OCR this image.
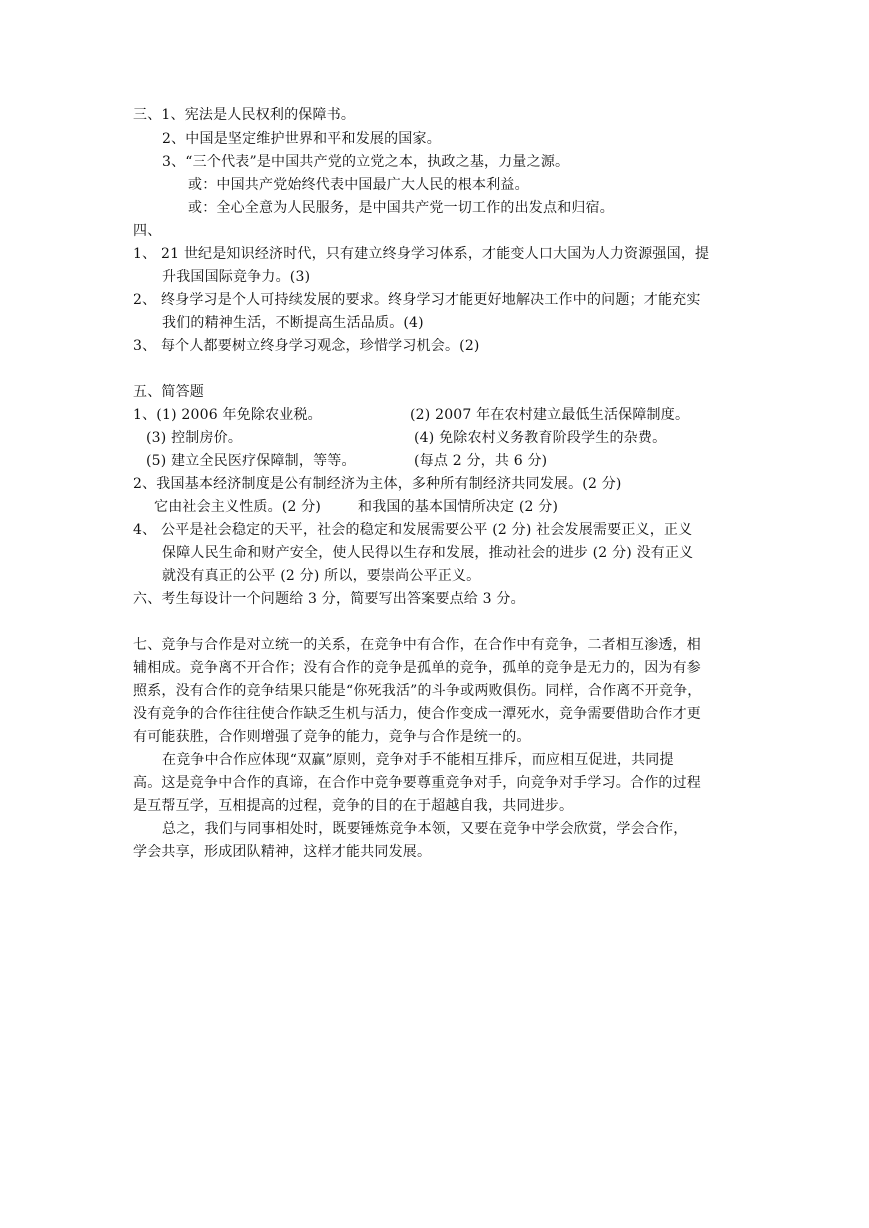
三、1、宪法是人民权利的保障书。
2、中国是坚定维护世界和平和发展的国家。
3、“三个代表”是中国共产党的立党之本，执政之基，力量之源。
或：中国共产党始终代表中国最广大人民的根本利益。
或：全心全意为人民服务，是中国共产党一切工作的出发点和归宿。
四、
1、 21 世纪是知识经济时代，只有建立终身学习体系，才能变人口大国为人力资源强国，提
升我国国际竞争力。(3)
2、 终身学习是个人可持续发展的要求。终身学习才能更好地解决工作中的问题；才能充实
我们的精神生活，不断提高生活品质。(4)
3、 每个人都要树立终身学习观念，珍惜学习机会。(2)
五、简答题
1、(1) 2006 年免除农业税。	(2) 2007 年在农村建立最低生活保障制度。
(3) 控制房价。	(4) 免除农村义务教育阶段学生的杂费。
(5) 建立全民医疗保障制，等等。	(每点 2 分，共 6 分)
2、我国基本经济制度是公有制经济为主体，多种所有制经济共同发展。(2 分)
它由社会主义性质。(2 分)	和我国的基本国情所决定 (2 分)
4、 公平是社会稳定的天平，社会的稳定和发展需要公平 (2 分) 社会发展需要正义，正义
保障人民生命和财产安全，使人民得以生存和发展，推动社会的进步 (2 分) 没有正义
就没有真正的公平 (2 分) 所以，要崇尚公平正义。
六、考生每设计一个问题给 3 分，简要写出答案要点给 3 分。
七、竞争与合作是对立统一的关系，在竞争中有合作，在合作中有竞争，二者相互渗透，相
辅相成。竞争离不开合作；没有合作的竞争是孤单的竞争，孤单的竞争是无力的，因为有参
照系，没有合作的竞争结果只能是“你死我活”的斗争或两败俱伤。同样，合作离不开竞争，
没有竞争的合作往往使合作缺乏生机与活力，使合作变成一潭死水，竞争需要借助合作才更
有可能获胜，合作则增强了竞争的能力，竞争与合作是统一的。
在竞争中合作应体现“双赢”原则，竞争对手不能相互排斥，而应相互促进，共同提
高。这是竞争中合作的真谛，在合作中竞争要尊重竞争对手，向竞争对手学习。合作的过程
是互帮互学，互相提高的过程，竞争的目的在于超越自我，共同进步。
总之，我们与同事相处时，既要锤炼竞争本领，又要在竞争中学会欣赏，学会合作，
学会共享，形成团队精神，这样才能共同发展。
